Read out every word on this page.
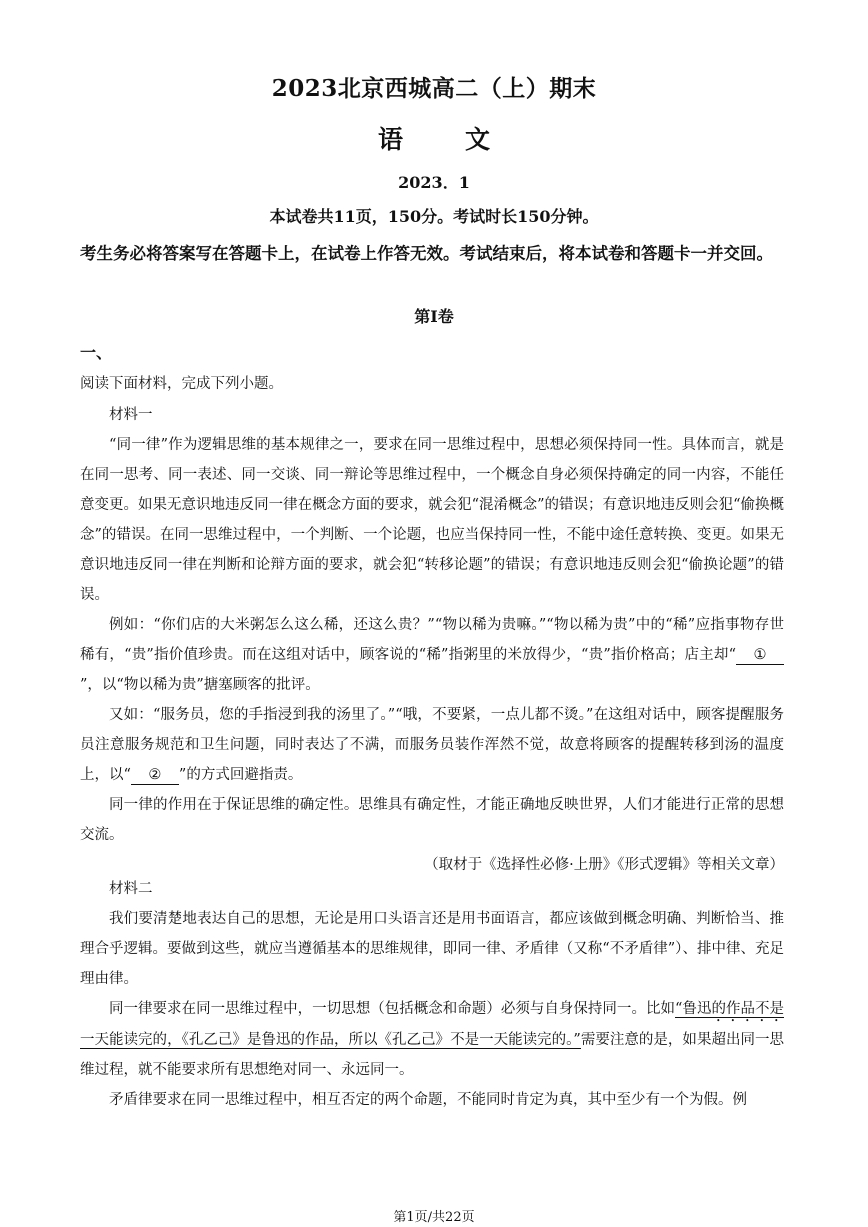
2023北京西城高二（上）期末
语文
2023．1
本试卷共11页，150分。考试时长150分钟。
考生务必将答案写在答题卡上，在试卷上作答无效。考试结束后，将本试卷和答题卡一并交回。
第Ⅰ卷
一、
阅读下面材料，完成下列小题。

材料一

“同一律”作为逻辑思维的基本规律之一，要求在同一思维过程中，思想必须保持同一性。具体而言，就是在同一思考、同一表述、同一交谈、同一辩论等思维过程中，一个概念自身必须保持确定的同一内容，不能任意变更。如果无意识地违反同一律在概念方面的要求，就会犯“混淆概念”的错误；有意识地违反则会犯“偷换概念”的错误。在同一思维过程中，一个判断、一个论题，也应当保持同一性，不能中途任意转换、变更。如果无意识地违反同一律在判断和论辩方面的要求，就会犯“转移论题”的错误；有意识地违反则会犯“偷换论题”的错误。

例如：“你们店的大米粥怎么这么稀，还这么贵？”“物以稀为贵嘛。”“物以稀为贵”中的“稀”应指事物存世稀有，“贵”指价值珍贵。而在这组对话中，顾客说的“稀”指粥里的米放得少，“贵”指价格高；店主却“ ①”，以“物以稀为贵”搪塞顾客的批评。

又如：“服务员，您的手指浸到我的汤里了。”“哦，不要紧，一点儿都不烫。”在这组对话中，顾客提醒服务员注意服务规范和卫生问题，同时表达了不满，而服务员装作浑然不觉，故意将顾客的提醒转移到汤的温度上，以“ ② ”的方式回避指责。

同一律的作用在于保证思维的确定性。思维具有确定性，才能正确地反映世界，人们才能进行正常的思想交流。

（取材于《选择性必修·上册》《形式逻辑》等相关文章）

材料二

我们要清楚地表达自己的思想，无论是用口头语言还是用书面语言，都应该做到概念明确、判断恰当、推理合乎逻辑。要做到这些，就应当遵循基本的思维规律，即同一律、矛盾律（又称“不矛盾律”）、排中律、充足理由律。

同一律要求在同一思维过程中，一切思想（包括概念和命题）必须与自身保持同一。比如“鲁迅的作品不是一天能读完的，《孔乙己》是鲁迅的作品，所以《孔乙己》不是一天能读完的。”需要注意的是，如果超出同一思维过程，就不能要求所有思想绝对同一、永远同一。

矛盾律要求在同一思维过程中，相互否定的两个命题，不能同时肯定为真，其中至少有一个为假。例

第1页/共22页
